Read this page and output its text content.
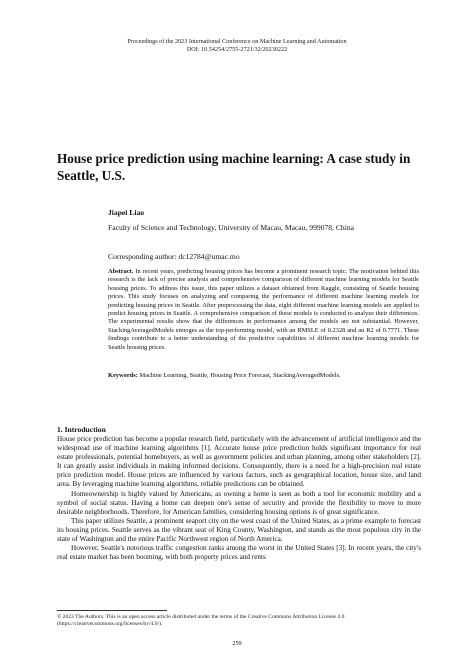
Proceedings of the 2023 International Conference on Machine Learning and Automation
DOI: 10.54254/2755-2721/32/20230222
House price prediction using machine learning: A case study in Seattle, U.S.
Jiapei Liao
Faculty of Science and Technology, University of Macau, Macau, 999078, China
Corresponding author: dc12784@umac.mo
Abstract. In recent years, predicting housing prices has become a prominent research topic. The motivation behind this research is the lack of precise analysis and comprehensive comparison of different machine learning models for Seattle housing prices. To address this issue, this paper utilizes a dataset obtained from Kaggle, consisting of Seattle housing prices. This study focuses on analyzing and comparing the performance of different machine learning models for predicting housing prices in Seattle. After preprocessing the data, eight different machine learning models are applied to predict housing prices in Seattle. A comprehensive comparison of these models is conducted to analyze their differences. The experimental results show that the differences in performance among the models are not substantial. However, StackingAveragedModels emerges as the top-performing model, with an RMSLE of 0.2328 and an R2 of 0.7771. These findings contribute to a better understanding of the predictive capabilities of different machine learning models for Seattle housing prices.
Keywords: Machine Learning, Seattle, Housing Price Forecast, StackingAveragedModels.
1. Introduction

House price prediction has become a popular research field, particularly with the advancement of artificial intelligence and the widespread use of machine learning algorithms [1]. Accurate house price prediction holds significant importance for real estate professionals, potential homebuyers, as well as government policies and urban planning, among other stakeholders [2]. It can greatly assist individuals in making informed decisions. Consequently, there is a need for a high-precision real estate price prediction model. House prices are influenced by various factors, such as geographical location, house size, and land area. By leveraging machine learning algorithms, reliable predictions can be obtained.

Homeownership is highly valued by Americans, as owning a home is seen as both a tool for economic mobility and a symbol of social status. Having a home can deepen one's sense of security and provide the flexibility to move to more desirable neighborhoods. Therefore, for American families, considering housing options is of great significance.

This paper utilizes Seattle, a prominent seaport city on the west coast of the United States, as a prime example to forecast its housing prices. Seattle serves as the vibrant seat of King County, Washington, and stands as the most populous city in the state of Washington and the entire Pacific Northwest region of North America.

However, Seattle's notorious traffic congestion ranks among the worst in the United States [3]. In recent years, the city's real estate market has been booming, with both property prices and rents

© 2023 The Authors. This is an open access article distributed under the terms of the Creative Commons Attribution License 4.0 (https://creativecommons.org/licenses/by/4.0/).
259
